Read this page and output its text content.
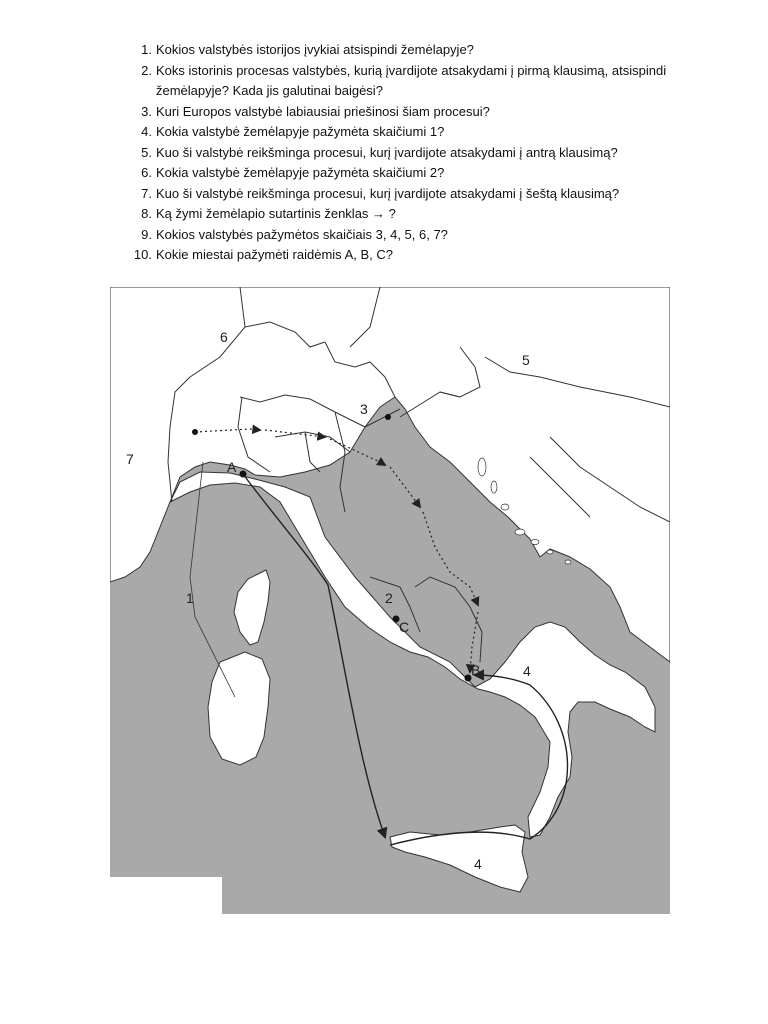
1. Kokios valstybės istorijos įvykiai atsispindi žemėlapyje?
2. Koks istorinis procesas valstybės, kurią įvardijote atsakydami į pirmą klausimą, atsispindi žemėlapyje? Kada jis galutinai baigėsi?
3. Kuri Europos valstybė labiausiai priešinosi šiam procesui?
4. Kokia valstybė žemėlapyje pažymėta skaičiumi 1?
5. Kuo ši valstybė reikšminga procesui, kurį įvardijote atsakydami į antrą klausimą?
6. Kokia valstybė žemėlapyje pažymėta skaičiumi 2?
7. Kuo ši valstybė reikšminga procesui, kurį įvardijote atsakydami į šeštą klausimą?
8. Ką žymi žemėlapio sutartinis ženklas → ?
9. Kokios valstybės pažymėtos skaičiais 3, 4, 5, 6, 7?
10. Kokie miestai pažymėti raidėmis A, B, C?
6
5
3
7
1	2
4
4
A
B
C
